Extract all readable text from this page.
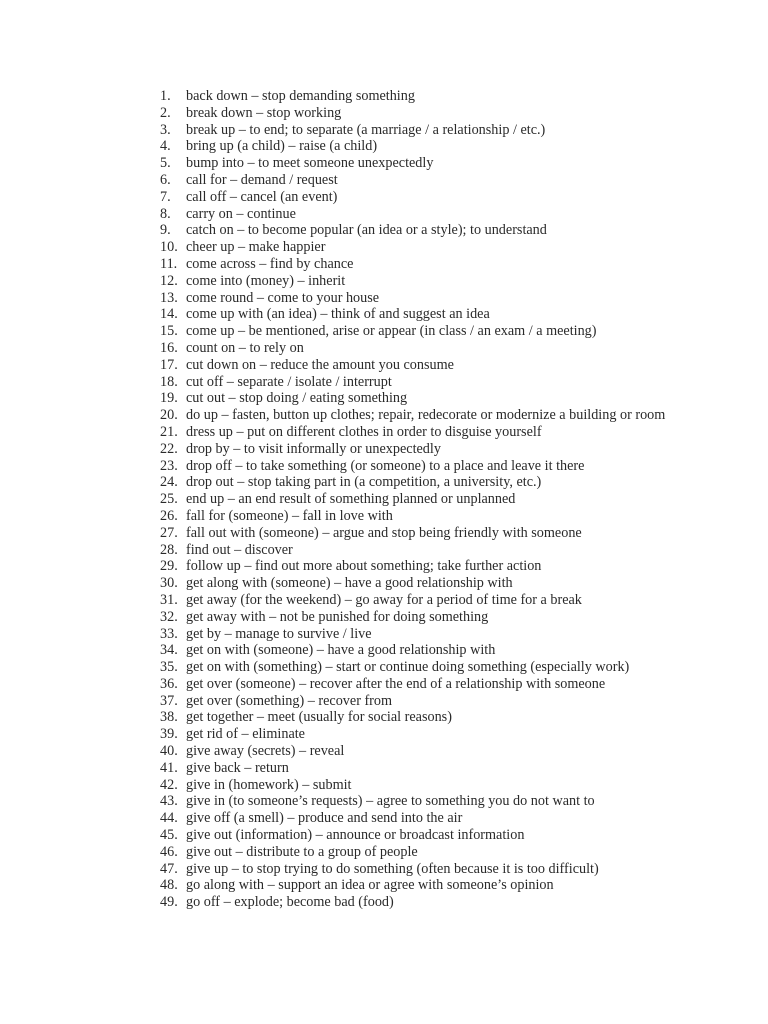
1.	back down – stop demanding something
2.	break down – stop working
3.	break up – to end; to separate (a marriage / a relationship / etc.)
4.	bring up (a child) – raise (a child)
5.	bump into – to meet someone unexpectedly
6.	call for – demand / request
7.	call off – cancel (an event)
8.	carry on – continue
9.	catch on – to become popular (an idea or a style); to understand
10. cheer up – make happier
11. come across – find by chance
12. come into (money) – inherit
13. come round – come to your house
14. come up with (an idea) – think of and suggest an idea
15. come up – be mentioned, arise or appear (in class / an exam / a meeting)
16. count on – to rely on
17. cut down on – reduce the amount you consume
18. cut off – separate / isolate / interrupt
19. cut out – stop doing / eating something
20. do up – fasten, button up clothes; repair, redecorate or modernize a building or room
21. dress up – put on different clothes in order to disguise yourself
22. drop by – to visit informally or unexpectedly
23. drop off – to take something (or someone) to a place and leave it there
24. drop out – stop taking part in (a competition, a university, etc.)
25. end up – an end result of something planned or unplanned
26. fall for (someone) – fall in love with
27. fall out with (someone) – argue and stop being friendly with someone
28. find out – discover
29. follow up – find out more about something; take further action
30. get along with (someone) – have a good relationship with
31. get away (for the weekend) – go away for a period of time for a break
32. get away with – not be punished for doing something
33. get by – manage to survive / live
34. get on with (someone) – have a good relationship with
35. get on with (something) – start or continue doing something (especially work)
36. get over (someone) – recover after the end of a relationship with someone
37. get over (something) – recover from
38. get together – meet (usually for social reasons)
39. get rid of – eliminate
40. give away (secrets) – reveal
41. give back – return
42. give in (homework) – submit
43. give in (to someone’s requests) – agree to something you do not want to
44. give off (a smell) – produce and send into the air
45. give out (information) – announce or broadcast information
46. give out – distribute to a group of people
47. give up – to stop trying to do something (often because it is too difficult)
48. go along with – support an idea or agree with someone’s opinion
49. go off – explode; become bad (food)
